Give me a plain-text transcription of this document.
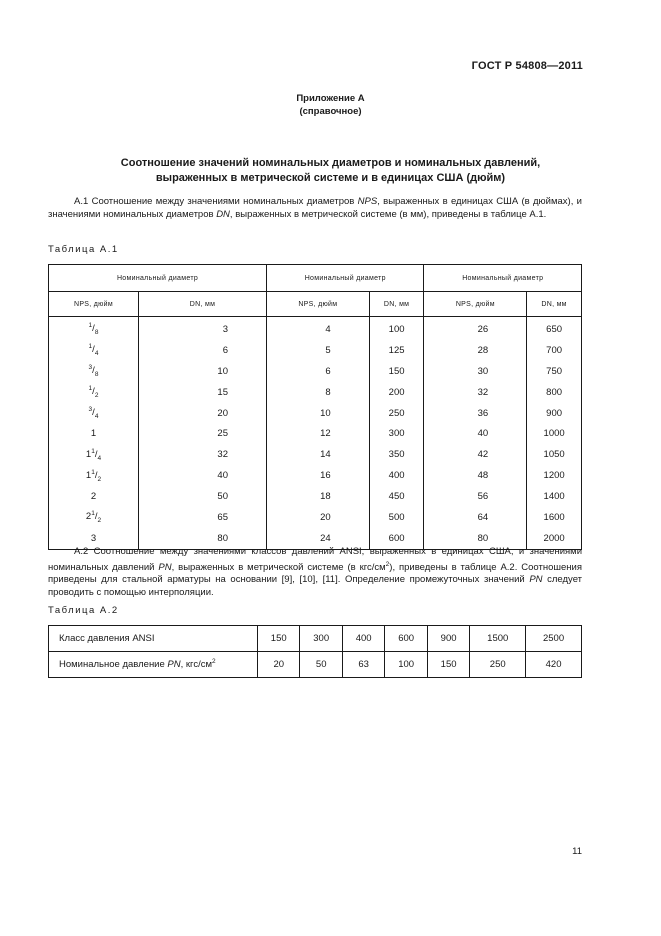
ГОСТ Р 54808—2011
Приложение А
(справочное)
Соотношение значений номинальных диаметров и номинальных давлений,
выраженных в метрической системе и в единицах США (дюйм)
А.1 Соотношение между значениями номинальных диаметров NPS, выраженных в единицах США (в дюймах), и значениями номинальных диаметров DN, выраженных в метрической системе (в мм), приведены в таблице А.1.
Таблица А.1
Номинальный диаметр		Номинальный диаметр		Номинальный диаметр	
NPS, дюйм	DN, мм	NPS, дюйм	DN, мм	NPS, дюйм	DN, мм
$^1/_8$	3	4	100	26	650
$^1/_4$	6	5	125	28	700
$^3/_8$	10	6	150	30	750
$^1/_2$	15	8	200	32	800
$^3/_4$	20	10	250	36	900
1	25	12	300	40	1000
$1^1/_4$	32	14	350	42	1050
$1^1/_2$	40	16	400	48	1200
2	50	18	450	56	1400
$2^1/_2$	65	20	500	64	1600
3	80	24	600	80	2000
А.2 Соотношение между значениями классов давлений ANSI, выраженных в единицах США, и значениями номинальных давлений PN, выраженных в метрической системе (в кгс/$см^2$), приведены в таблице А.2. Соотношения приведены для стальной арматуры на основании [9], [10], [11]. Определение промежуточных значений PN следует проводить с помощью интерполяции.
Таблица А.2
Класс давления ANSI	150	300	400	600	900	1500	2500
Номинальное давление PN, кгс/$см^2$	20	50	63	100	150	250	420
11
